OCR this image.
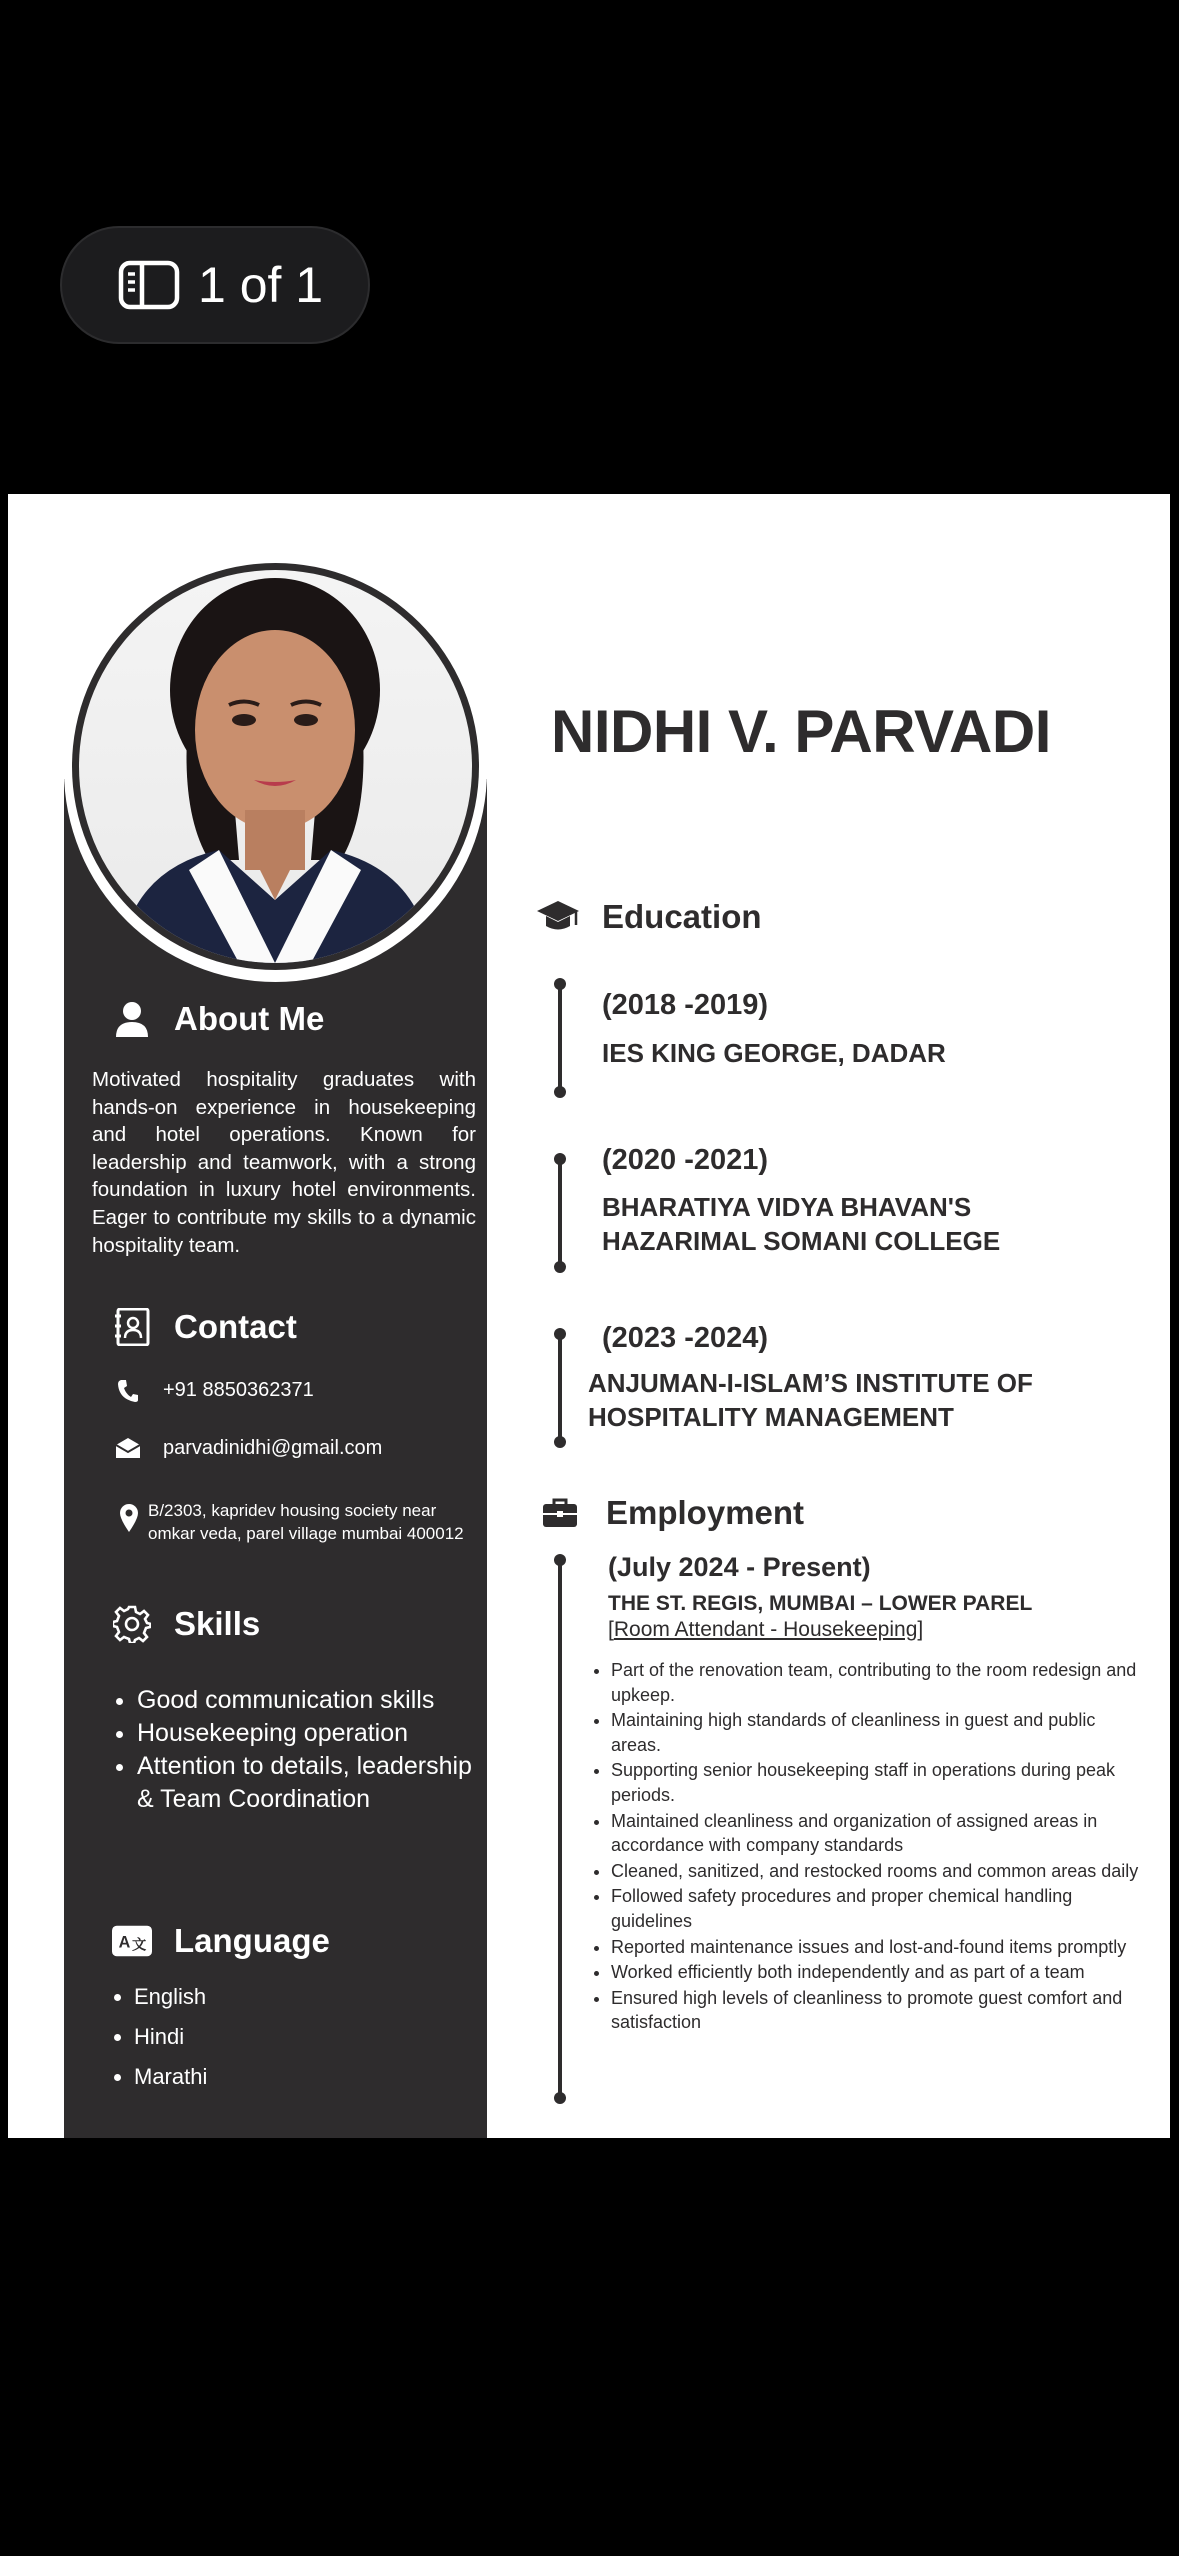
1 of 1
About Me
Motivated hospitality graduates with hands-on experience in housekeeping and hotel operations. Known for leadership and teamwork, with a strong foundation in luxury hotel environments. Eager to contribute my skills to a dynamic hospitality team.
Contact
+91 8850362371
parvadinidhi@gmail.com
B/2303, kapridev housing society near omkar veda, parel village mumbai 400012
Skills
• Good communication skills
• Housekeeping operation
• Attention to details, leadership & Team Coordination
A 文 Language
• English
• Hindi
• Marathi
NIDHI V. PARVADI
Education
(2018 -2019)
IES KING GEORGE, DADAR
(2020 -2021)
BHARATIYA VIDYA BHAVAN'S HAZARIMAL SOMANI COLLEGE
(2023 -2024)
ANJUMAN-I-ISLAM’S INSTITUTE OF HOSPITALITY MANAGEMENT
Employment
(July 2024 - Present)
THE ST. REGIS, MUMBAI – LOWER PAREL
[Room Attendant - Housekeeping]
• Part of the renovation team, contributing to the room redesign and upkeep.
• Maintaining high standards of cleanliness in guest and public areas.
• Supporting senior housekeeping staff in operations during peak periods.
• Maintained cleanliness and organization of assigned areas in accordance with company standards
• Cleaned, sanitized, and restocked rooms and common areas daily
• Followed safety procedures and proper chemical handling guidelines
• Reported maintenance issues and lost-and-found items promptly
• Worked efficiently both independently and as part of a team
• Ensured high levels of cleanliness to promote guest comfort and satisfaction
